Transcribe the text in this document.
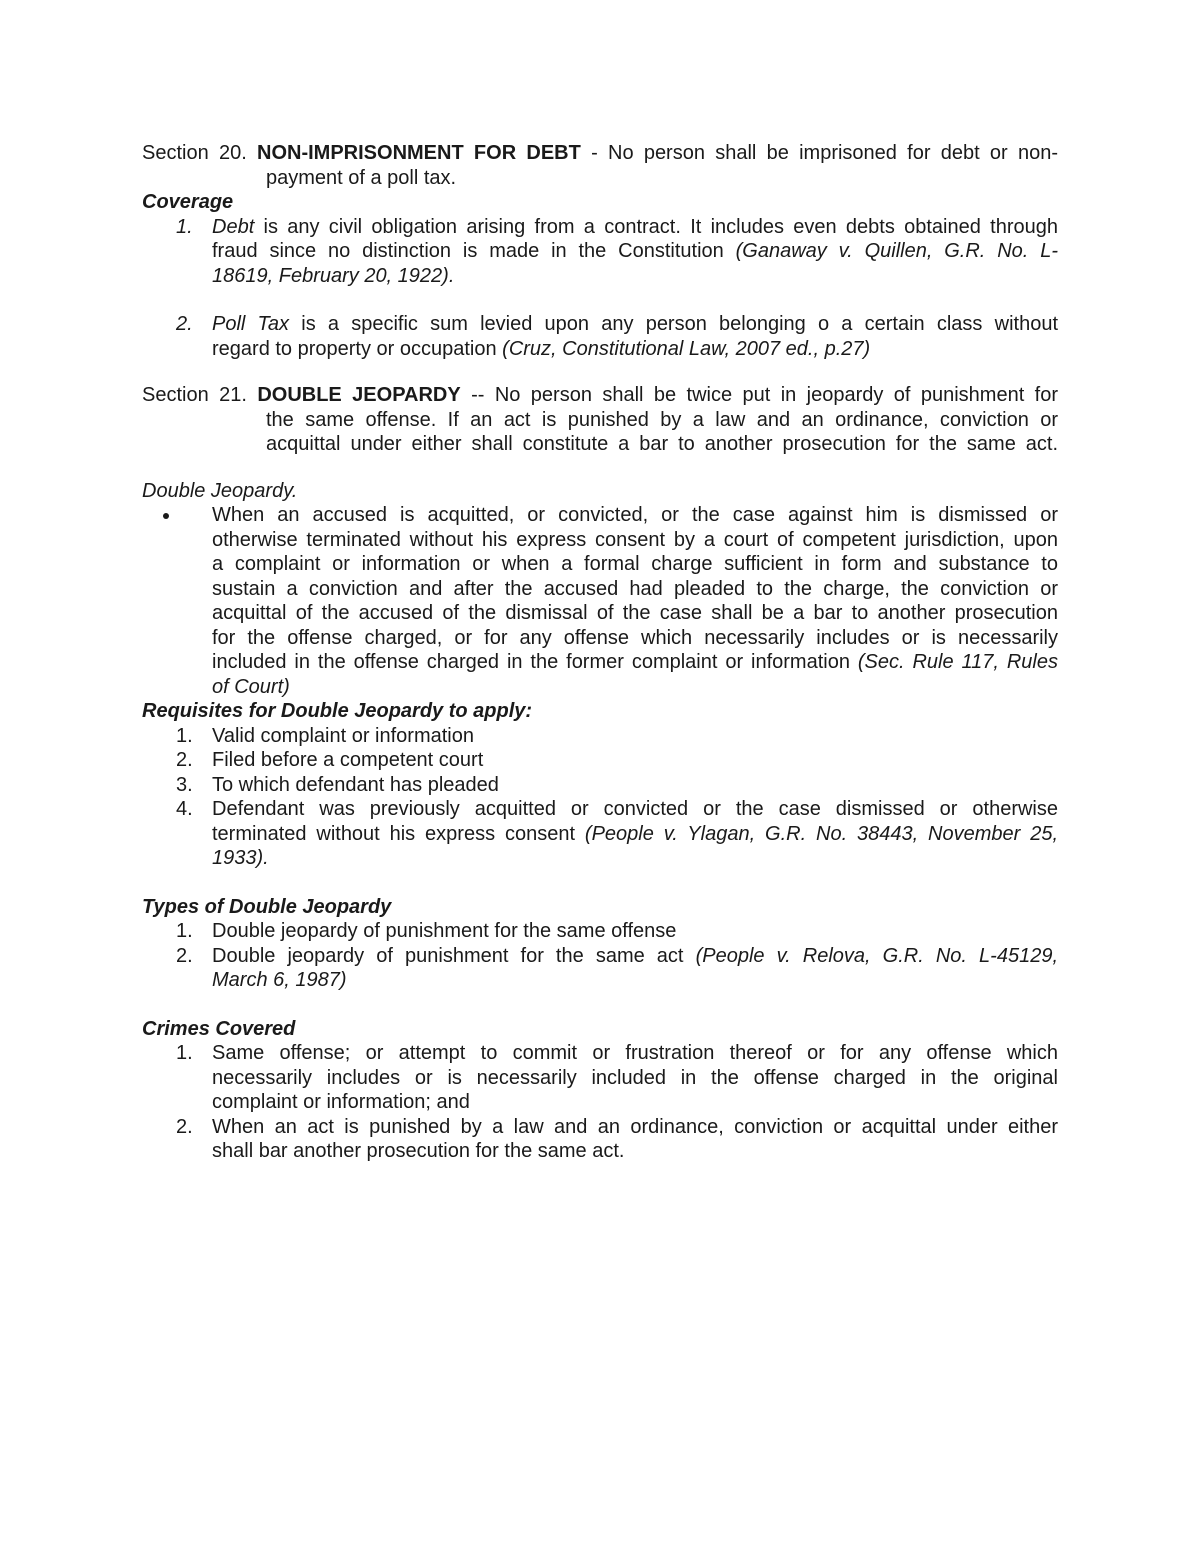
Section 20. NON-IMPRISONMENT FOR DEBT - No person shall be imprisoned for debt or non-
payment of a poll tax.
Coverage
1. Debt is any civil obligation arising from a contract. It includes even debts obtained through
fraud since no distinction is made in the Constitution (Ganaway v. Quillen, G.R. No. L-
18619, February 20, 1922).
2. Poll Tax is a specific sum levied upon any person belonging o a certain class without
regard to property or occupation (Cruz, Constitutional Law, 2007 ed., p.27)
Section 21. DOUBLE JEOPARDY -- No person shall be twice put in jeopardy of punishment for
the same offense. If an act is punished by a law and an ordinance, conviction or
acquittal under either shall constitute a bar to another prosecution for the same act.
Double Jeopardy.
When an accused is acquitted, or convicted, or the case against him is dismissed or
otherwise terminated without his express consent by a court of competent jurisdiction, upon
a complaint or information or when a formal charge sufficient in form and substance to
sustain a conviction and after the accused had pleaded to the charge, the conviction or
acquittal of the accused of the dismissal of the case shall be a bar to another prosecution
for the offense charged, or for any offense which necessarily includes or is necessarily
included in the offense charged in the former complaint or information (Sec. Rule 117, Rules
of Court)
Requisites for Double Jeopardy to apply:
1. Valid complaint or information
2. Filed before a competent court
3. To which defendant has pleaded
4. Defendant was previously acquitted or convicted or the case dismissed or otherwise
terminated without his express consent (People v. Ylagan, G.R. No. 38443, November 25,
1933).
Types of Double Jeopardy
1. Double jeopardy of punishment for the same offense
2. Double jeopardy of punishment for the same act (People v. Relova, G.R. No. L-45129,
March 6, 1987)
Crimes Covered
1. Same offense; or attempt to commit or frustration thereof or for any offense which
necessarily includes or is necessarily included in the offense charged in the original
complaint or information; and
2. When an act is punished by a law and an ordinance, conviction or acquittal under either
shall bar another prosecution for the same act.
